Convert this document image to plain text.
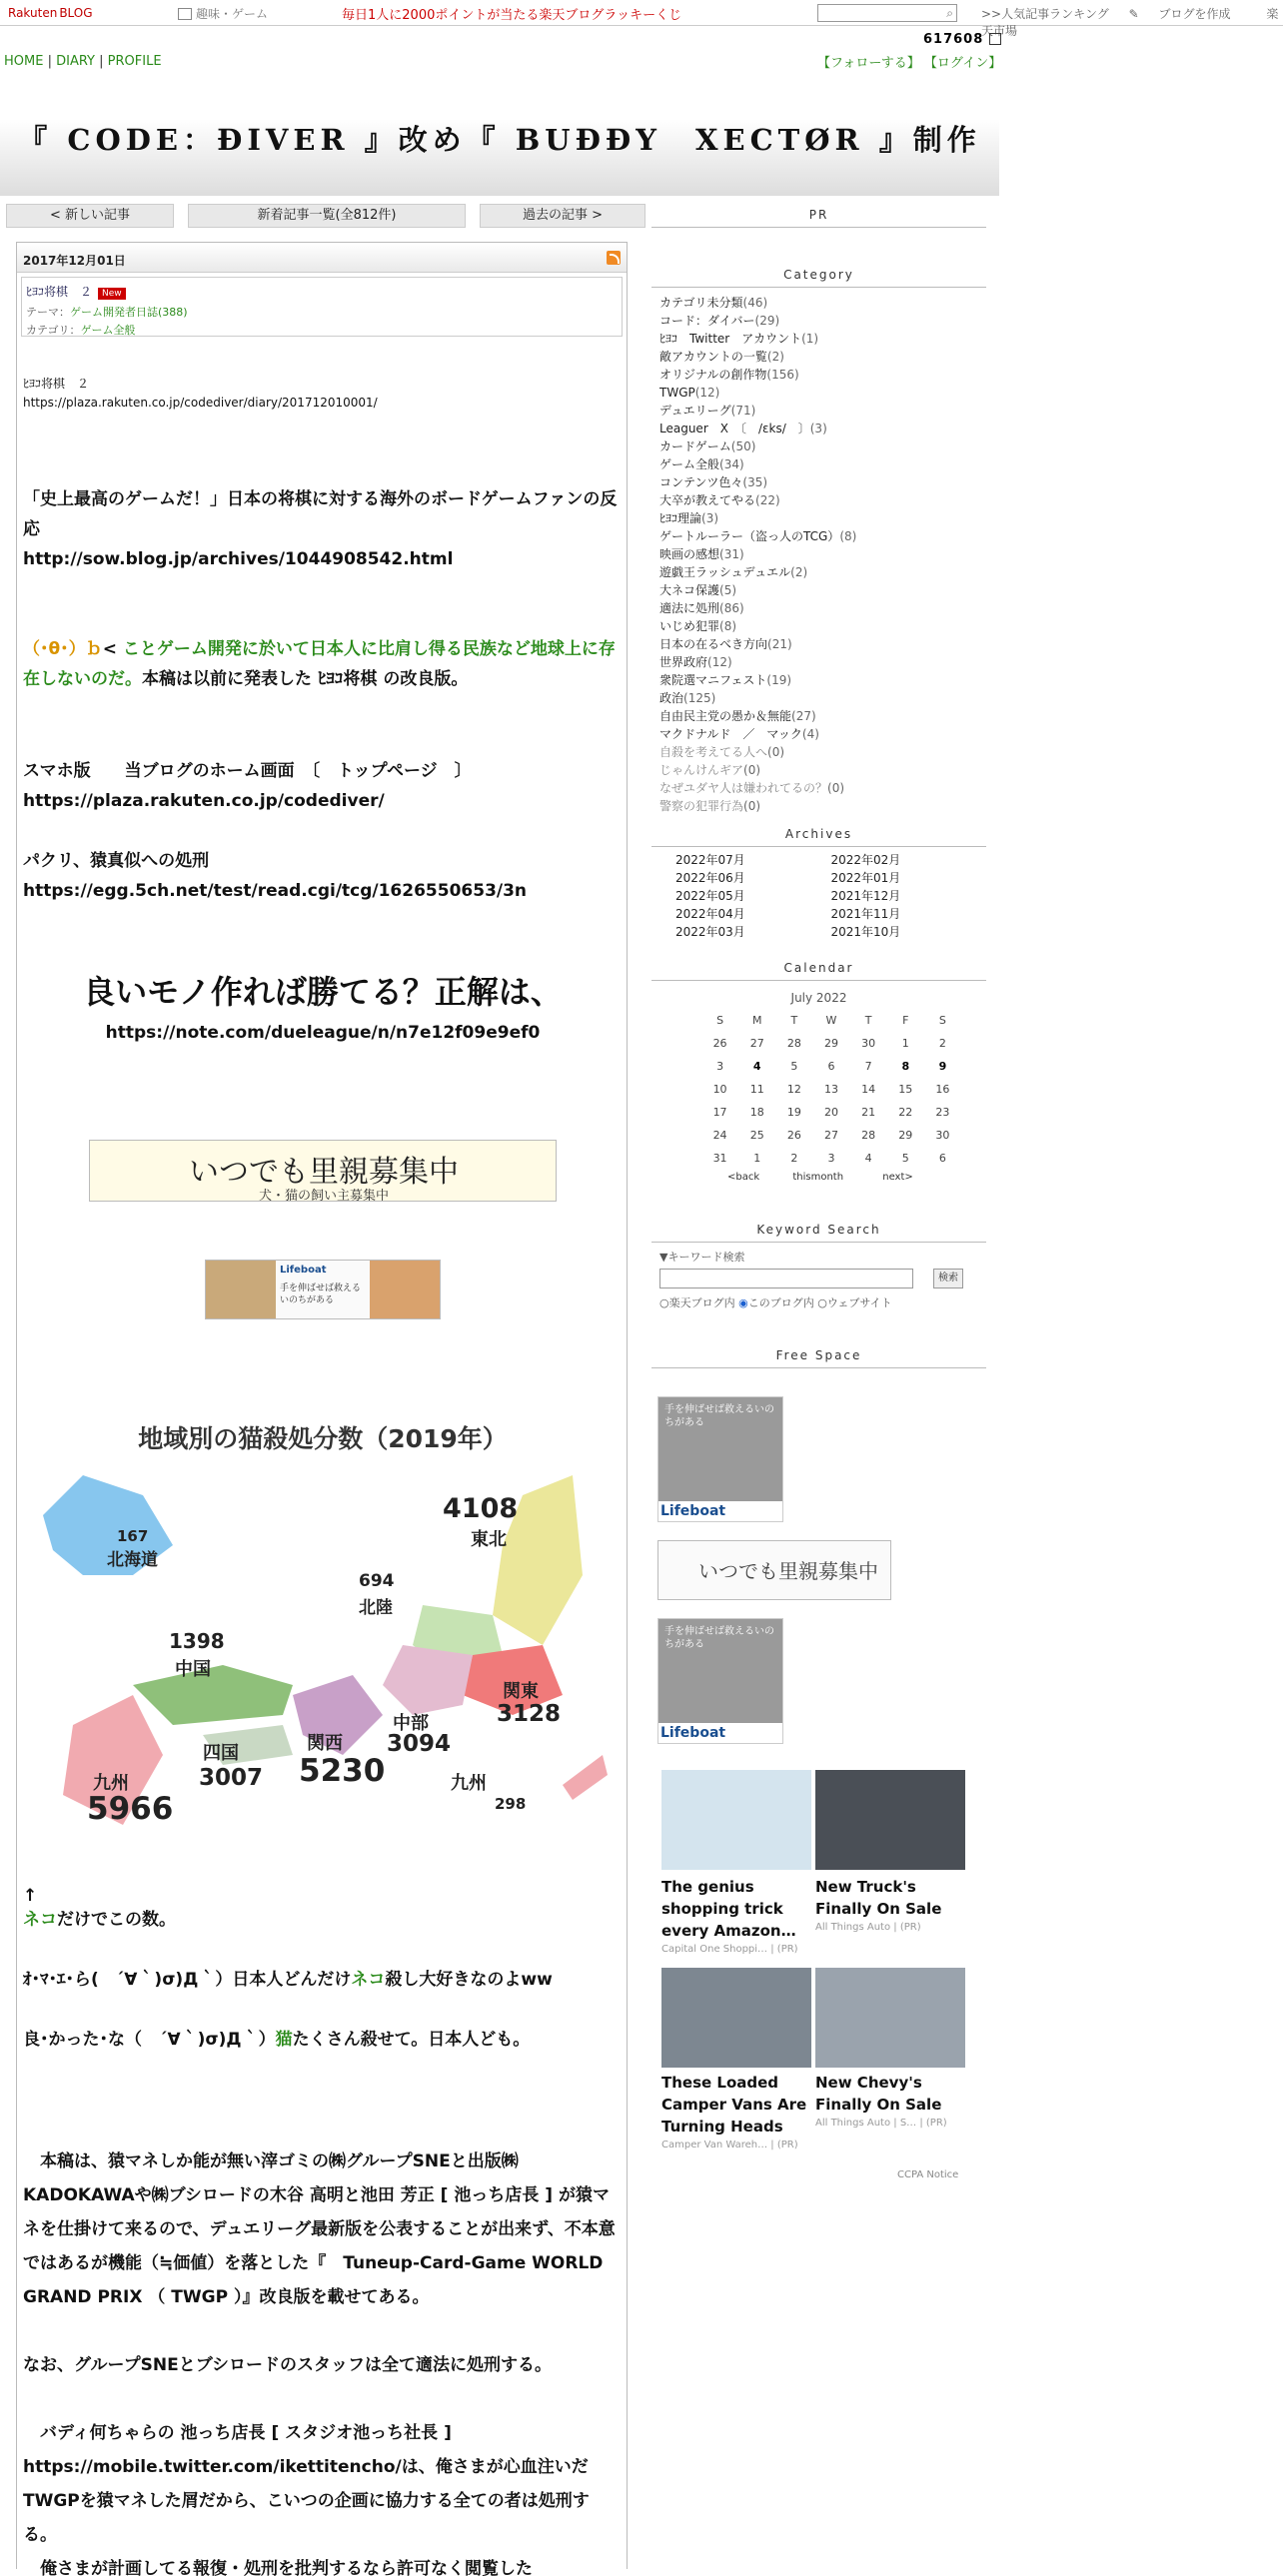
Rakuten BLOG	趣味・ゲーム	毎日1人に2000ポイントが当たる楽天ブログラッキーくじ	⌕ >>人気記事ランキング ✎ ブログを作成	楽天市場
617608
HOME | DIARY | PROFILE	【フォローする】 【ログイン】
『 CODE：ĐIVER 』改め『 BUĐĐY　XECTØR 』制作
< 新しい記事	新着記事一覧(全812件)	過去の記事 >
2017年12月01日
ﾋﾖｺ将棋　２ New
テーマ：ゲーム開発者日誌(388)
カテゴリ：ゲーム全般
ﾋﾖｺ将棋　２
https://plaza.rakuten.co.jp/codediver/diary/201712010001/
「史上最高のゲームだ！」日本の将棋に対する海外のボードゲームファンの反応
http://sow.blog.jp/archives/1044908542.html
（･θ･）ｂ< ことゲーム開発に於いて日本人に比肩し得る民族など地球上に存在しないのだ。本稿は以前に発表した ﾋﾖｺ将棋 の改良版。
スマホ版　　当ブログのホーム画面　〔　トップページ　〕
https://plaza.rakuten.co.jp/codediver/
パクリ、猿真似への処刑
https://egg.5ch.net/test/read.cgi/tcg/1626550653/3n
良いモノ作れば勝てる？正解は、
https://note.com/dueleague/n/n7e12f09e9ef0
いつでも里親募集中
犬・猫の飼い主募集中
Lifeboat
手を伸ばせば救えるいのちがある
地域別の猫殺処分数（2019年）
167
北海道
4108
東北
694
北陸
1398
中国
関東
3128
中部
3094
四国
3007
関西
5230	九州
九州
5966	298
↑
ネコだけでこの数。
ｵ･ﾏ･ｴ･ら(　´∀｀)σ)Д｀）日本人どんだけネコ殺し大好きなのよww
良･かった･な（　´∀｀)σ)Д｀）猫たくさん殺せて。日本人ども。
　本稿は、猿マネしか能が無い滓ゴミの㈱グループSNEと出版㈱KADOKAWAや㈱ブシロードの木谷 高明と池田 芳正 [ 池っち店長 ] が猿マネを仕掛けて来るので、デュエリーグ最新版を公表することが出来ず、不本意ではあるが機能（≒価値）を落とした『　Tuneup-Card-Game WORLD GRAND PRIX （ TWGP ）』改良版を載せてある。
なお、グループSNEとブシロードのスタッフは全て適法に処刑する。
　バディ何ちゃらの 池っち店長 [ スタジオ池っち社長 ] https://mobile.twitter.com/ikettitencho/は、俺さまが心血注いだTWGPを猿マネした屑だから、こいつの企画に協力する全ての者は処刑する。
　俺さまが計画してる報復・処刑を批判するなら許可なく閲覧した
PR
Category
カテゴリ未分類(46)
コード：ダイバー(29)
ﾋﾖｺ　Twitter　アカウント(1)
敵アカウントの一覧(2)
オリジナルの創作物(156)
TWGP(12)
デュエリーグ(71)
Leaguer　X　〔　/ɛks/　〕(3)
カードゲーム(50)
ゲーム全般(34)
コンテンツ色々(35)
大卒が教えてやる(22)
ﾋﾖｺ理論(3)
ゲートルーラー（盗っ人のTCG）(8)
映画の感想(31)
遊戯王ラッシュデュエル(2)
大ネコ保護(5)
適法に処刑(86)
いじめ犯罪(8)
日本の在るべき方向(21)
世界政府(12)
衆院選マニフェスト(19)
政治(125)
自由民主党の愚か＆無能(27)
マクドナルド　／　マック(4)
自殺を考えてる人へ(0)
じゃんけんギア(0)
なぜユダヤ人は嫌われてるの？(0)
警察の犯罪行為(0)
Archives
2022年07月	2022年02月
2022年06月	2022年01月
2022年05月	2021年12月
2022年04月	2021年11月
2022年03月	2021年10月
Calendar
July 2022
S	M	T	W	T	F	S
26	27	28	29	30	1	2
3	4	5	6	7	8	9
10	11	12	13	14	15	16
17	18	19	20	21	22	23
24	25	26	27	28	29	30
31	1	2	3	4	5	6
<back	thismonth	next>
Keyword Search
▼キーワード検索
検索
○楽天ブログ内 ◉このブログ内 ○ウェブサイト
Free Space
Lifeboat
手を伸ばせば救えるいのちがある
いつでも里親募集中
Lifeboat
手を伸ばせば救えるいのちがある
The genius shopping trick every Amazon…
Capital One Shoppi… | (PR)
New Truck's Finally On Sale
All Things Auto | (PR)
These Loaded Camper Vans Are Turning Heads
Camper Van Wareh… | (PR)
New Chevy's Finally On Sale
All Things Auto | S… | (PR)
CCPA Notice
